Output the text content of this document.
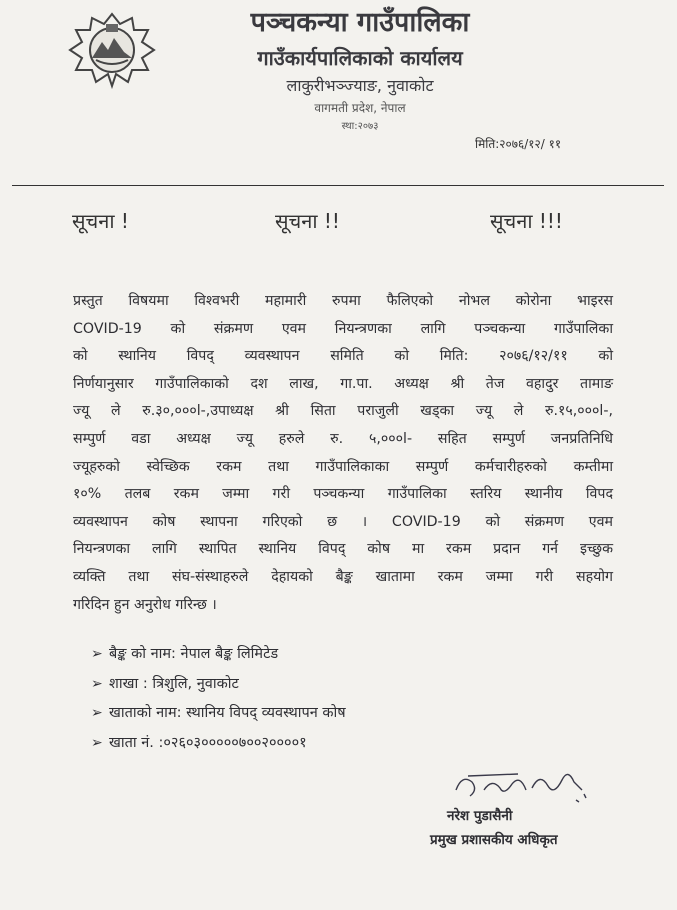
पञ्चकन्या गाउँपालिका
गाउँकार्यपालिकाको कार्यालय
लाकुरीभञ्ज्याङ, नुवाकोट
वागमती प्रदेश, नेपाल
स्था:२०७३
मिति:२०७६/१२/ ११
सूचना !	सूचना !!	सूचना !!!
प्रस्तुत विषयमा विश्वभरी महामारी रुपमा फैलिएको नोभल कोरोना भाइरस
COVID-19 को संक्रमण एवम नियन्त्रणका लागि पञ्चकन्या गाउँपालिका
को स्थानिय विपद् व्यवस्थापन समिति को मिति: २०७६/१२/११ को
निर्णयानुसार गाउँपालिकाको दश लाख, गा.पा. अध्यक्ष श्री तेज वहादुर तामाङ
ज्यू ले रु.३०,०००l-,उपाध्यक्ष श्री सिता पराजुली खड्का ज्यू ले रु.१५,०००l-,
सम्पुर्ण वडा अध्यक्ष ज्यू हरुले रु. ५,०००l- सहित सम्पुर्ण जनप्रतिनिधि
ज्यूहरुको स्वेच्छिक रकम तथा गाउँपालिकाका सम्पुर्ण कर्मचारीहरुको कम्तीमा
१०% तलब रकम जम्मा गरी पञ्चकन्या गाउँपालिका स्तरिय स्थानीय विपद
व्यवस्थापन कोष स्थापना गरिएको छ । COVID-19 को संक्रमण एवम
नियन्त्रणका लागि स्थापित स्थानिय विपद् कोष मा रकम प्रदान गर्न इच्छुक
व्यक्ति तथा संघ-संस्थाहरुले देहायको बैङ्क खातामा रकम जम्मा गरी सहयोग
गरिदिन हुन अनुरोध गरिन्छ ।
➢ बैङ्क को नाम: नेपाल बैङ्क लिमिटेड
➢ शाखा : त्रिशुलि, नुवाकोट
➢ खाताको नाम: स्थानिय विपद् व्यवस्थापन कोष
➢ खाता नं. :०२६०३०००००७००२००००१
नरेश पुडासैनी
प्रमुख प्रशासकीय अधिकृत
